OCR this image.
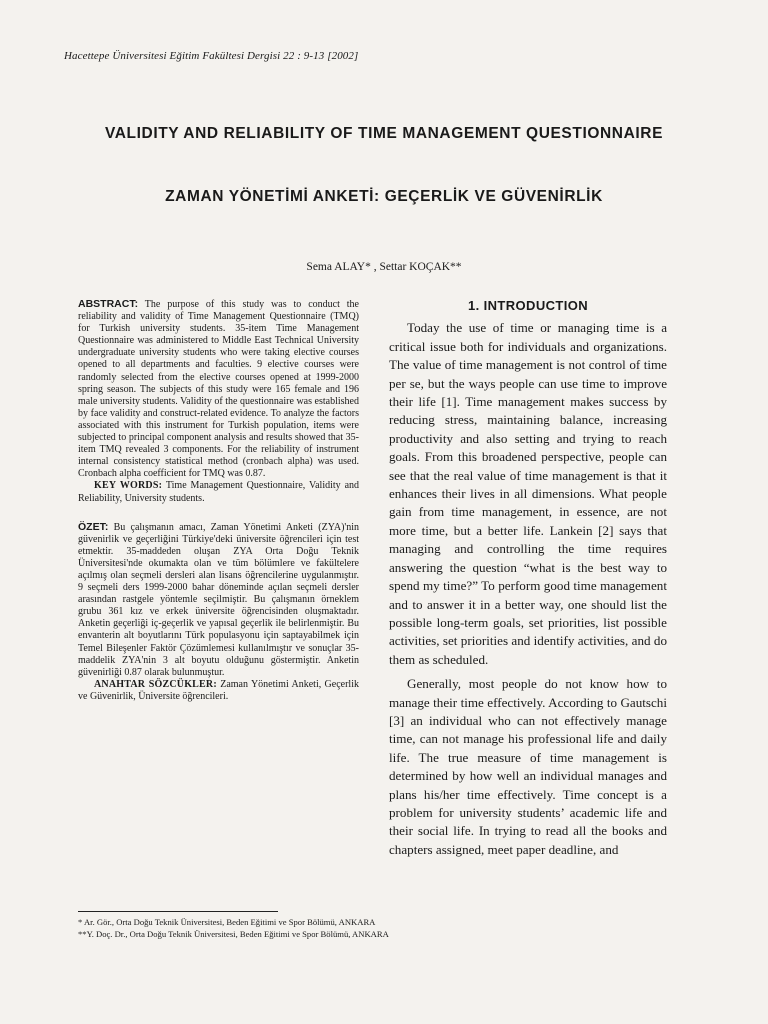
Hacettepe Üniversitesi Eğitim Fakültesi Dergisi 22 : 9-13 [2002]
VALIDITY AND RELIABILITY OF TIME MANAGEMENT QUESTIONNAIRE
ZAMAN YÖNETİMİ ANKETİ: GEÇERLİK VE GÜVENİRLİK
Sema ALAY* , Settar KOÇAK**

ABSTRACT: The purpose of this study was to conduct the reliability and validity of Time Management Questionnaire (TMQ) for Turkish university students. 35-item Time Management Questionnaire was administered to Middle East Technical University undergraduate university students who were taking elective courses opened to all departments and faculties. 9 elective courses were randomly selected from the elective courses opened at 1999-2000 spring season. The subjects of this study were 165 female and 196 male university students. Validity of the questionnaire was established by face validity and construct-related evidence. To analyze the factors associated with this instrument for Turkish population, items were subjected to principal component analysis and results showed that 35-item TMQ revealed 3 components. For the reliability of instrument internal consistency statistical method (cronbach alpha) was used. Cronbach alpha coefficient for TMQ was 0.87.

KEY WORDS: Time Management Questionnaire, Validity and Reliability, University students.

ÖZET: Bu çalışmanın amacı, Zaman Yönetimi Anketi (ZYA)'nin güvenirlik ve geçerliğini Türkiye'deki üniversite öğrencileri için test etmektir. 35-maddeden oluşan ZYA Orta Doğu Teknik Üniversitesi'nde okumakta olan ve tüm bölümlere ve fakültelere açılmış olan seçmeli dersleri alan lisans öğrencilerine uygulanmıştır. 9 seçmeli ders 1999-2000 bahar döneminde açılan seçmeli dersler arasından rastgele yöntemle seçilmiştir. Bu çalışmanın örneklem grubu 361 kız ve erkek üniversite öğrencisinden oluşmaktadır. Anketin geçerliği iç-geçerlik ve yapısal geçerlik ile belirlenmiştir. Bu envanterin alt boyutlarını Türk populasyonu için saptayabilmek için Temel Bileşenler Faktör Çözümlemesi kullanılmıştır ve sonuçlar 35-maddelik ZYA'nin 3 alt boyutu olduğunu göstermiştir. Anketin güvenirliği 0.87 olarak bulunmuştur.

ANAHTAR SÖZCÜKLER: Zaman Yönetimi Anketi, Geçerlik ve Güvenirlik, Üniversite öğrencileri.

1. INTRODUCTION

Today the use of time or managing time is a critical issue both for individuals and organizations. The value of time management is not control of time per se, but the ways people can use time to improve their life [1]. Time management makes success by reducing stress, maintaining balance, increasing productivity and also setting and trying to reach goals. From this broadened perspective, people can see that the real value of time management is that it enhances their lives in all dimensions. What people gain from time management, in essence, are not more time, but a better life. Lankein [2] says that managing and controlling the time requires answering the question “what is the best way to spend my time?” To perform good time management and to answer it in a better way, one should list the possible long-term goals, set priorities, list possible activities, set priorities and identify activities, and do them as scheduled.

Generally, most people do not know how to manage their time effectively. According to Gautschi [3] an individual who can not effectively manage time, can not manage his professional life and daily life. The true measure of time management is determined by how well an individual manages and plans his/her time effectively. Time concept is a problem for university students’ academic life and their social life. In trying to read all the books and chapters assigned, meet paper deadline, and

* Ar. Gör., Orta Doğu Teknik Üniversitesi, Beden Eğitimi ve Spor Bölümü, ANKARA
**Y. Doç. Dr., Orta Doğu Teknik Üniversitesi, Beden Eğitimi ve Spor Bölümü, ANKARA
